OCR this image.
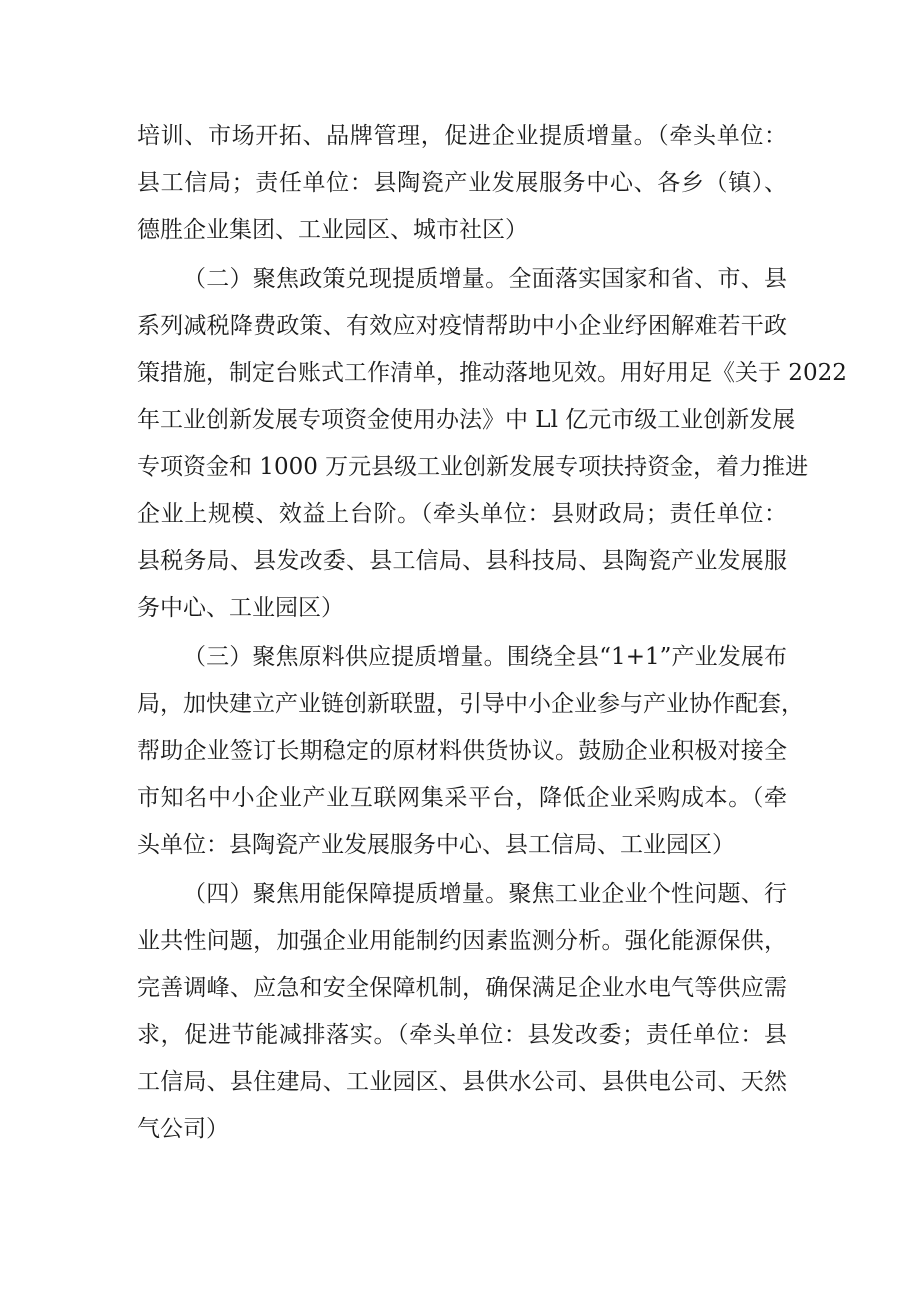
培训、市场开拓、品牌管理，促进企业提质增量。（牵头单位：
县工信局；责任单位：县陶瓷产业发展服务中心、各乡（镇）、
德胜企业集团、工业园区、城市社区）
（二）聚焦政策兑现提质增量。全面落实国家和省、市、县
系列减税降费政策、有效应对疫情帮助中小企业纾困解难若干政
策措施，制定台账式工作清单，推动落地见效。用好用足《关于 2022
年工业创新发展专项资金使用办法》中 Ll 亿元市级工业创新发展
专项资金和 1000 万元县级工业创新发展专项扶持资金，着力推进
企业上规模、效益上台阶。（牵头单位：县财政局；责任单位：
县税务局、县发改委、县工信局、县科技局、县陶瓷产业发展服
务中心、工业园区）
（三）聚焦原料供应提质增量。围绕全县“1+1”产业发展布
局，加快建立产业链创新联盟，引导中小企业参与产业协作配套，
帮助企业签订长期稳定的原材料供货协议。鼓励企业积极对接全
市知名中小企业产业互联网集采平台，降低企业采购成本。（牵
头单位：县陶瓷产业发展服务中心、县工信局、工业园区）
（四）聚焦用能保障提质增量。聚焦工业企业个性问题、行
业共性问题，加强企业用能制约因素监测分析。强化能源保供，
完善调峰、应急和安全保障机制，确保满足企业水电气等供应需
求，促进节能减排落实。（牵头单位：县发改委；责任单位：县
工信局、县住建局、工业园区、县供水公司、县供电公司、天然
气公司）
